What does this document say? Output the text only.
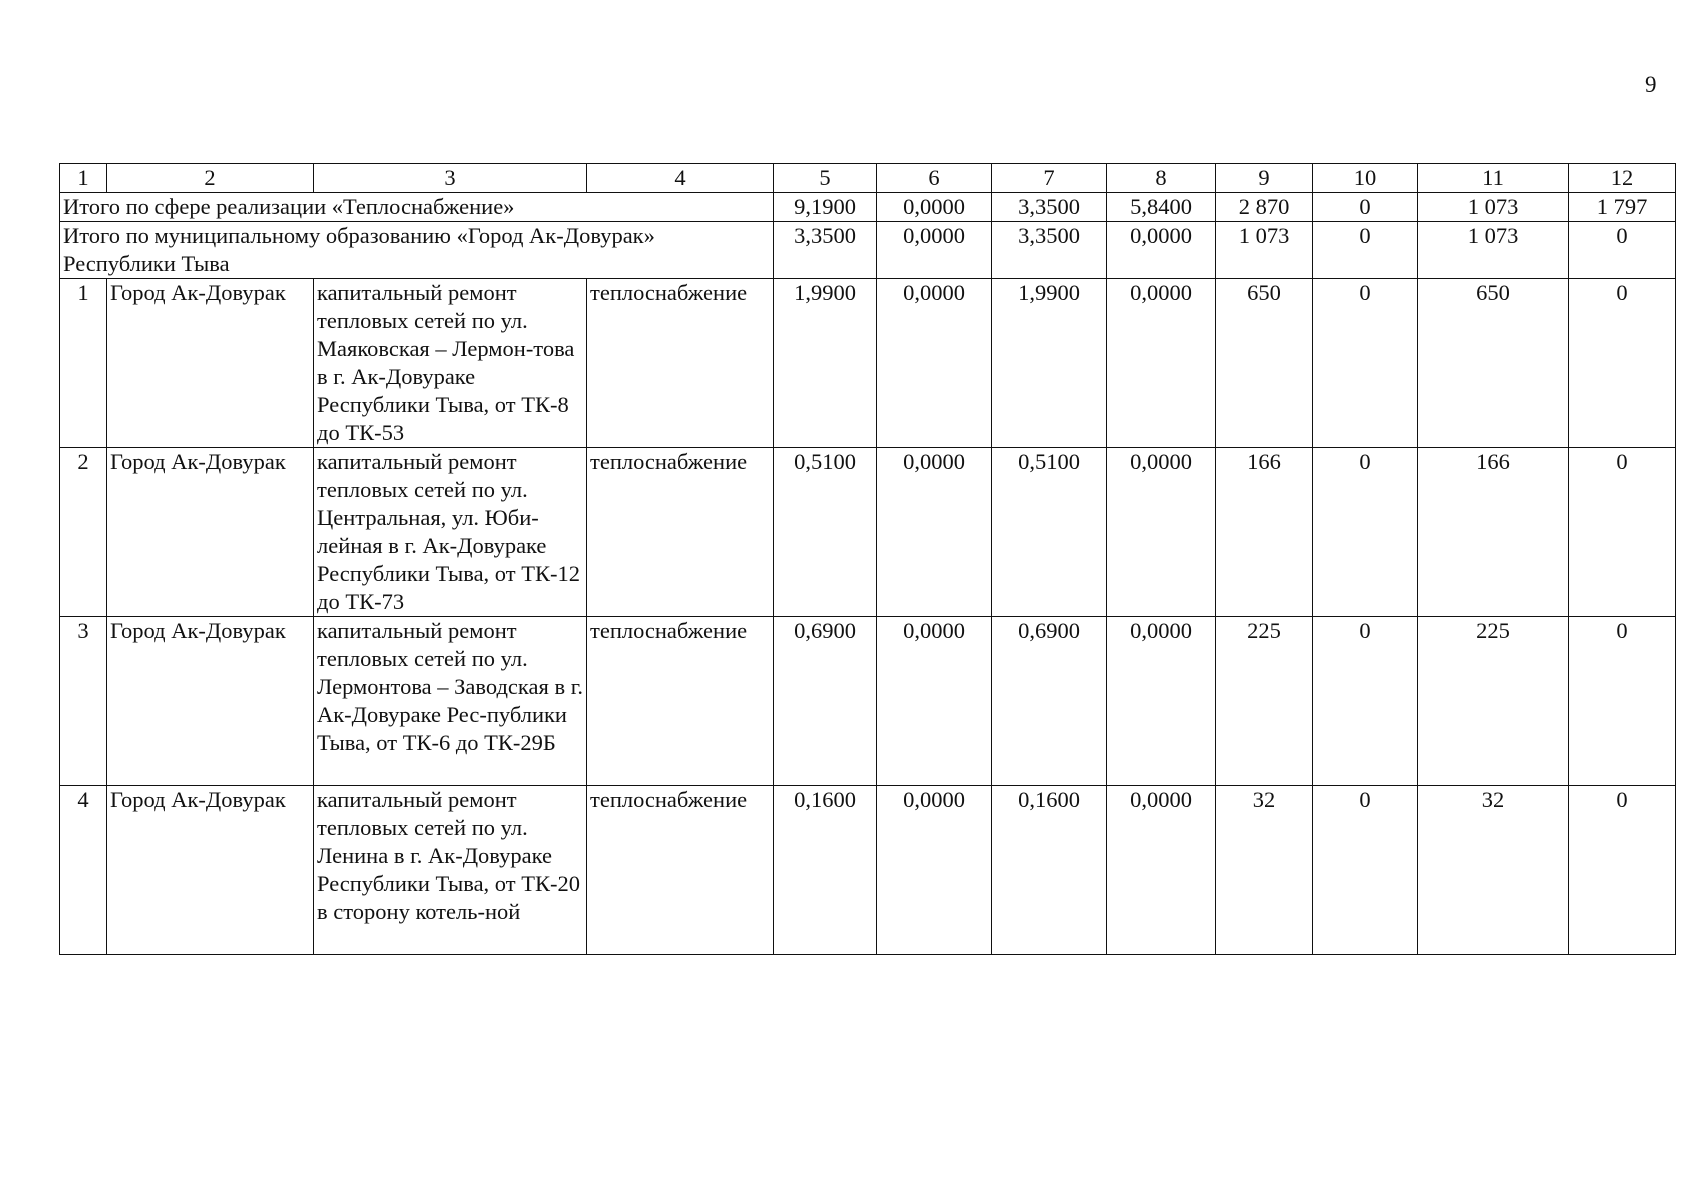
9
1	2	3	4	5	6	7	8	9	10	11	12
Итого по сфере реализации «Теплоснабжение»				9,1900	0,0000	3,3500	5,8400	2 870	0	1 073	1 797
Итого по муниципальному образованию «Город Ак-Довурак» Республики Тыва				3,3500	0,0000	3,3500	0,0000	1 073	0	1 073	0
1	Город Ак-Довурак	капитальный ремонт тепловых сетей по ул. Маяковская – Лермон-това в г. Ак-Довураке Республики Тыва, от ТК-8 до ТК-53	теплоснабжение	1,9900	0,0000	1,9900	0,0000	650	0	650	0
2	Город Ак-Довурак	капитальный ремонт тепловых сетей по ул. Центральная, ул. Юби-лейная в г. Ак-Довураке Республики Тыва, от ТК-12 до ТК-73	теплоснабжение	0,5100	0,0000	0,5100	0,0000	166	0	166	0
3	Город Ак-Довурак	капитальный ремонт тепловых сетей по ул. Лермонтова – Заводская в г. Ак-Довураке Рес-публики Тыва, от ТК-6 до ТК-29Б	теплоснабжение	0,6900	0,0000	0,6900	0,0000	225	0	225	0
4	Город Ак-Довурак	капитальный ремонт тепловых сетей по ул. Ленина в г. Ак-Довураке Республики Тыва, от ТК-20 в сторону котель-ной	теплоснабжение	0,1600	0,0000	0,1600	0,0000	32	0	32	0
